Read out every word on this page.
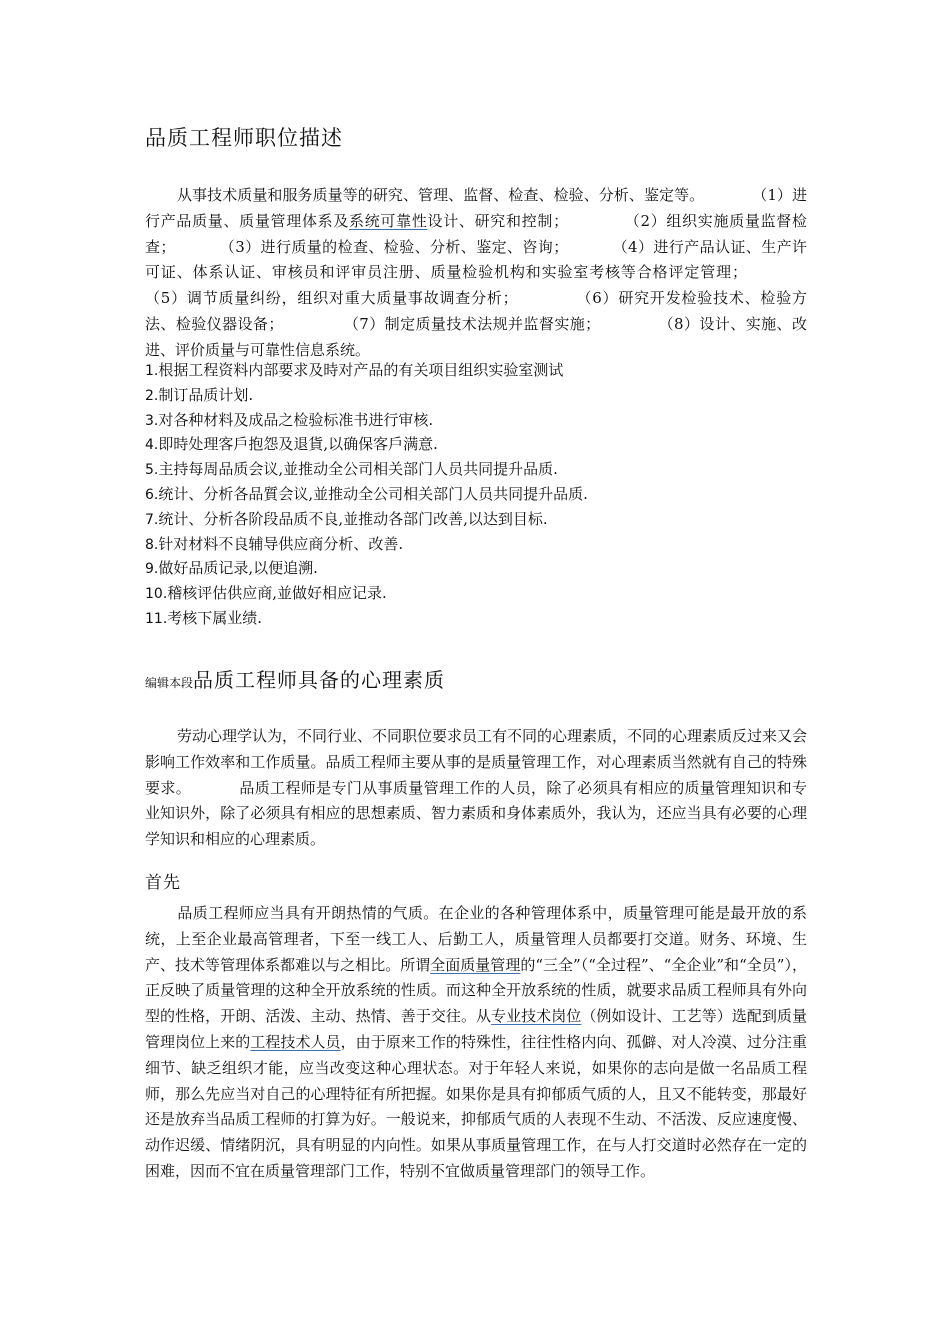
品质工程师职位描述
从事技术质量和服务质量等的研究、管理、监督、检查、检验、分析、鉴定等。	（1）进行产品质量、质量管理体系及系统可靠性设计、研究和控制；	（2）组织实施质量监督检查；	（3）进行质量的检查、检验、分析、鉴定、咨询；	（4）进行产品认证、生产许可证、体系认证、审核员和评审员注册、质量检验机构和实验室考核等合格评定管理；（5）调节质量纠纷，组织对重大质量事故调查分析；	（6）研究开发检验技术、检验方法、检验仪器设备；	（7）制定质量技术法规并监督实施；	（8）设计、实施、改进、评价质量与可靠性信息系统。
1.根据工程资料内部要求及時对产品的有关项目组织实验室测试
2.制订品质计划.
3.对各种材料及成品之检验标准书进行审核.
4.即時处理客戶抱怨及退貨,以确保客戶满意.
5.主持每周品质会议,並推动全公司相关部门人员共同提升品质.
6.统计、分析各品質会议,並推动全公司相关部门人员共同提升品质.
7.统计、分析各阶段品质不良,並推动各部门改善,以达到目标.
8.针对材料不良辅导供应商分析、改善.
9.做好品质记录,以便追溯.
10.稽核评估供应商,並做好相应记录.
11.考核下属业绩.
编辑本段品质工程师具备的心理素质
劳动心理学认为，不同行业、不同职位要求员工有不同的心理素质，不同的心理素质反过来又会影响工作效率和工作质量。品质工程师主要从事的是质量管理工作，对心理素质当然就有自己的特殊要求。	品质工程师是专门从事质量管理工作的人员，除了必须具有相应的质量管理知识和专业知识外，除了必须具有相应的思想素质、智力素质和身体素质外，我认为，还应当具有必要的心理学知识和相应的心理素质。
首先
品质工程师应当具有开朗热情的气质。在企业的各种管理体系中，质量管理可能是最开放的系统，上至企业最高管理者，下至一线工人、后勤工人，质量管理人员都要打交道。财务、环境、生产、技术等管理体系都难以与之相比。所谓全面质量管理的“三全”（“全过程”、“全企业”和“全员”），正反映了质量管理的这种全开放系统的性质。而这种全开放系统的性质，就要求品质工程师具有外向型的性格，开朗、活泼、主动、热情、善于交往。从专业技术岗位（例如设计、工艺等）选配到质量管理岗位上来的工程技术人员，由于原来工作的特殊性，往往性格内向、孤僻、对人冷漠、过分注重细节、缺乏组织才能，应当改变这种心理状态。对于年轻人来说，如果你的志向是做一名品质工程师，那么先应当对自己的心理特征有所把握。如果你是具有抑郁质气质的人，且又不能转变，那最好还是放弃当品质工程师的打算为好。一般说来，抑郁质气质的人表现不生动、不活泼、反应速度慢、动作迟缓、情绪阴沉，具有明显的内向性。如果从事质量管理工作，在与人打交道时必然存在一定的困难，因而不宜在质量管理部门工作，特别不宜做质量管理部门的领导工作。
